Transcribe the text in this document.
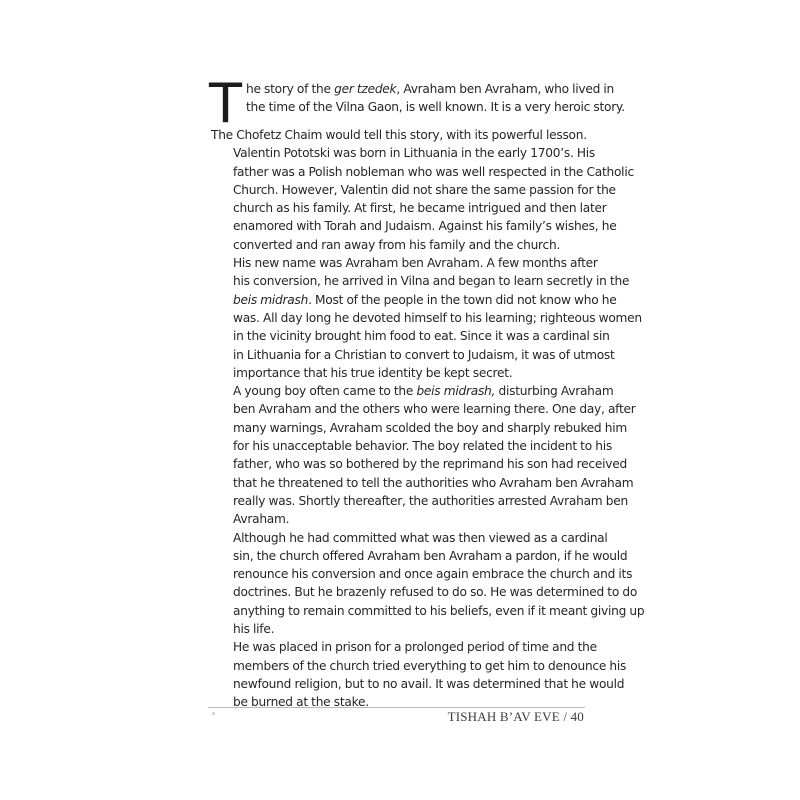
T he story of the ger tzedek, Avraham ben Avraham, who lived in
the time of the Vilna Gaon, is well known. It is a very heroic story.
The Chofetz Chaim would tell this story, with its powerful lesson.

Valentin Pototski was born in Lithuania in the early 1700’s. His
father was a Polish nobleman who was well respected in the Catholic
Church. However, Valentin did not share the same passion for the
church as his family. At first, he became intrigued and then later
enamored with Torah and Judaism. Against his family’s wishes, he
converted and ran away from his family and the church.

His new name was Avraham ben Avraham. A few months after
his conversion, he arrived in Vilna and began to learn secretly in the
beis midrash. Most of the people in the town did not know who he
was. All day long he devoted himself to his learning; righteous women
in the vicinity brought him food to eat. Since it was a cardinal sin
in Lithuania for a Christian to convert to Judaism, it was of utmost
importance that his true identity be kept secret.

A young boy often came to the beis midrash, disturbing Avraham
ben Avraham and the others who were learning there. One day, after
many warnings, Avraham scolded the boy and sharply rebuked him
for his unacceptable behavior. The boy related the incident to his
father, who was so bothered by the reprimand his son had received
that he threatened to tell the authorities who Avraham ben Avraham
really was. Shortly thereafter, the authorities arrested Avraham ben
Avraham.

Although he had committed what was then viewed as a cardinal
sin, the church offered Avraham ben Avraham a pardon, if he would
renounce his conversion and once again embrace the church and its
doctrines. But he brazenly refused to do so. He was determined to do
anything to remain committed to his beliefs, even if it meant giving up
his life.

He was placed in prison for a prolonged period of time and the
members of the church tried everything to get him to denounce his
newfound religion, but to no avail. It was determined that he would
be burned at the stake.

TISHAH B’AV EVE / 40
